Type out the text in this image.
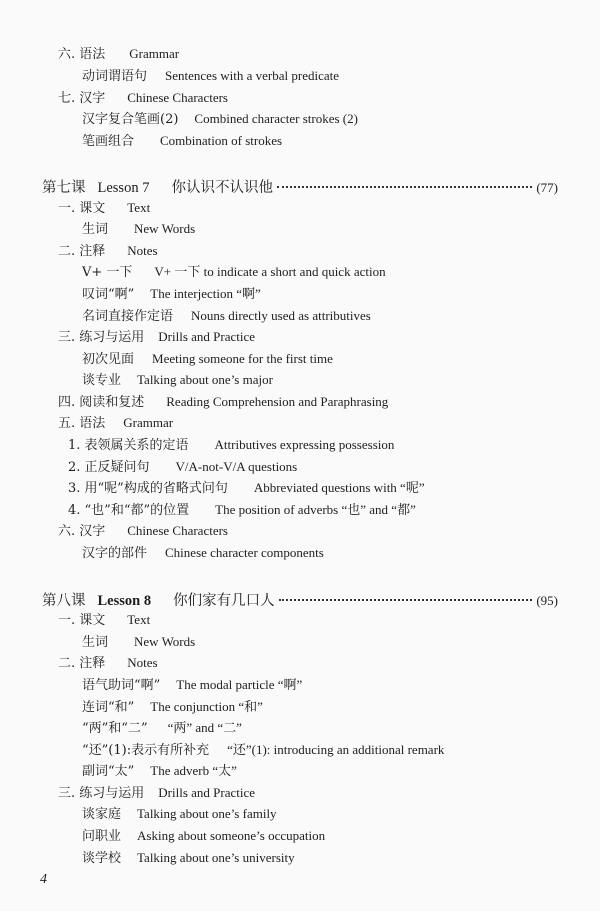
六. 语法 Grammar
动词谓语句 Sentences with a verbal predicate
七. 汉字 Chinese Characters
汉字复合笔画(2) Combined character strokes (2)
笔画组合 Combination of strokes
第七课 Lesson 7 你认识不认识他	(77)
一. 课文 Text
生词 New Words
二. 注释 Notes
V+ 一下 V+ 一下 to indicate a short and quick action
叹词“啊” The interjection “啊”
名词直接作定语 Nouns directly used as attributives
三. 练习与运用 Drills and Practice
初次见面 Meeting someone for the first time
谈专业 Talking about one’s major
四. 阅读和复述 Reading Comprehension and Paraphrasing
五. 语法 Grammar
1. 表领属关系的定语 Attributives expressing possession
2. 正反疑问句 V/A-not-V/A questions
3. 用“呢”构成的省略式问句 Abbreviated questions with “呢”
4. “也”和“都”的位置 The position of adverbs “也” and “都”
六. 汉字 Chinese Characters
汉字的部件 Chinese character components
第八课 Lesson 8 你们家有几口人	(95)
一. 课文 Text
生词 New Words
二. 注释 Notes
语气助词“啊” The modal particle “啊”
连词“和” The conjunction “和”
“两”和“二” “两” and “二”
“还”(1):表示有所补充 “还”(1): introducing an additional remark
副词“太” The adverb “太”
三. 练习与运用 Drills and Practice
谈家庭 Talking about one’s family
问职业 Asking about someone’s occupation
谈学校 Talking about one’s university
4
